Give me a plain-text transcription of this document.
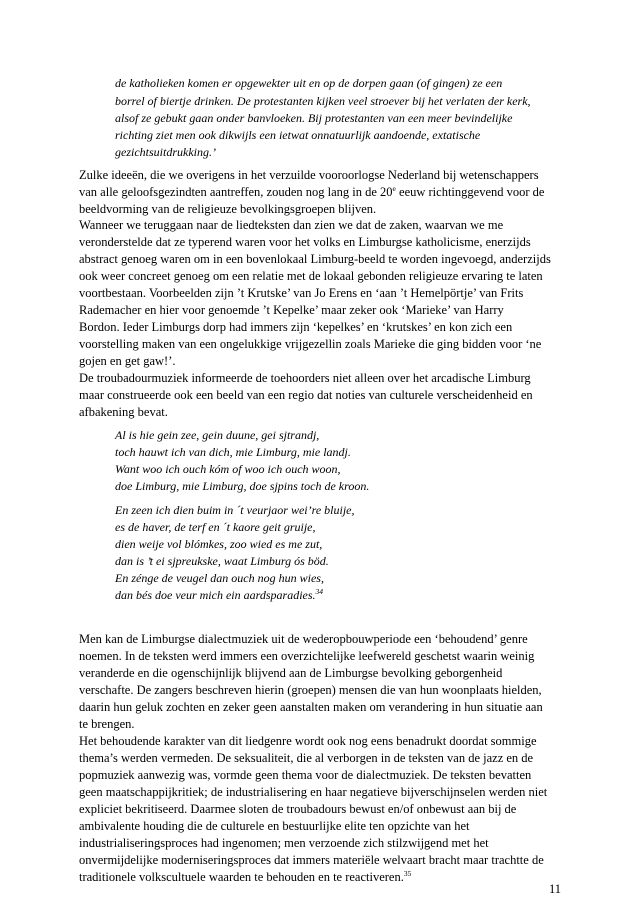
de katholieken komen er opgewekter uit en op de dorpen gaan (of gingen) ze een
borrel of biertje drinken. De protestanten kijken veel stroever bij het verlaten der kerk,
alsof ze gebukt gaan onder banvloeken. Bij protestanten van een meer bevindelijke
richting ziet men ook dikwijls een ietwat onnatuurlijk aandoende, extatische
gezichtsuitdrukking.’
Zulke ideeën, die we overigens in het verzuilde vooroorlogse Nederland bij wetenschappers
van alle geloofsgezindten aantreffen, zouden nog lang in de 20e eeuw richtinggevend voor de
beeldvorming van de religieuze bevolkingsgroepen blijven.
Wanneer we teruggaan naar de liedteksten dan zien we dat de zaken, waarvan we me
veronderstelde dat ze typerend waren voor het volks en Limburgse katholicisme, enerzijds
abstract genoeg waren om in een bovenlokaal Limburg-beeld te worden ingevoegd, anderzijds
ook weer concreet genoeg om een relatie met de lokaal gebonden religieuze ervaring te laten
voortbestaan. Voorbeelden zijn ’t Krutske’ van Jo Erens en ‘aan ’t Hemelpörtje’ van Frits
Rademacher en hier voor genoemde ’t Kepelke’ maar zeker ook ‘Marieke’ van Harry
Bordon. Ieder Limburgs dorp had immers zijn ‘kepelkes’ en ‘krutskes’ en kon zich een
voorstelling maken van een ongelukkige vrijgezellin zoals Marieke die ging bidden voor ‘ne
gojen en get gaw!’.
De troubadourmuziek informeerde de toehoorders niet alleen over het arcadische Limburg
maar construeerde ook een beeld van een regio dat noties van culturele verscheidenheid en
afbakening bevat.
Al is hie gein zee, gein duune, gei sjtrandj,
toch hauwt ich van dich, mie Limburg, mie landj.
Want woo ich ouch kóm of woo ich ouch woon,
doe Limburg, mie Limburg, doe sjpins toch de kroon.
En zeen ich dien buim in ´t veurjaor wei’re bluije,
es de haver, de terf en ´t kaore geit gruije,
dien weije vol blómkes, zoo wied es me zut,
dan is ’t ei sjpreukske, waat Limburg ós böd.
En zénge de veugel dan ouch nog hun wies,
dan bés doe veur mich ein aardsparadies.$^{34}$
Men kan de Limburgse dialectmuziek uit de wederopbouwperiode een ‘behoudend’ genre
noemen. In de teksten werd immers een overzichtelijke leefwereld geschetst waarin weinig
veranderde en die ogenschijnlijk blijvend aan de Limburgse bevolking geborgenheid
verschafte. De zangers beschreven hierin (groepen) mensen die van hun woonplaats hielden,
daarin hun geluk zochten en zeker geen aanstalten maken om verandering in hun situatie aan
te brengen.
Het behoudende karakter van dit liedgenre wordt ook nog eens benadrukt doordat sommige
thema’s werden vermeden. De seksualiteit, die al verborgen in de teksten van de jazz en de
popmuziek aanwezig was, vormde geen thema voor de dialectmuziek. De teksten bevatten
geen maatschappijkritiek; de industrialisering en haar negatieve bijverschijnselen werden niet
expliciet bekritiseerd. Daarmee sloten de troubadours bewust en/of onbewust aan bij de
ambivalente houding die de culturele en bestuurlijke elite ten opzichte van het
industrialiseringsproces had ingenomen; men verzoende zich stilzwijgend met het
onvermijdelijke moderniseringsproces dat immers materiële welvaart bracht maar trachtte de
traditionele volkscultuele waarden te behouden en te reactiveren.$^{35}$
11
